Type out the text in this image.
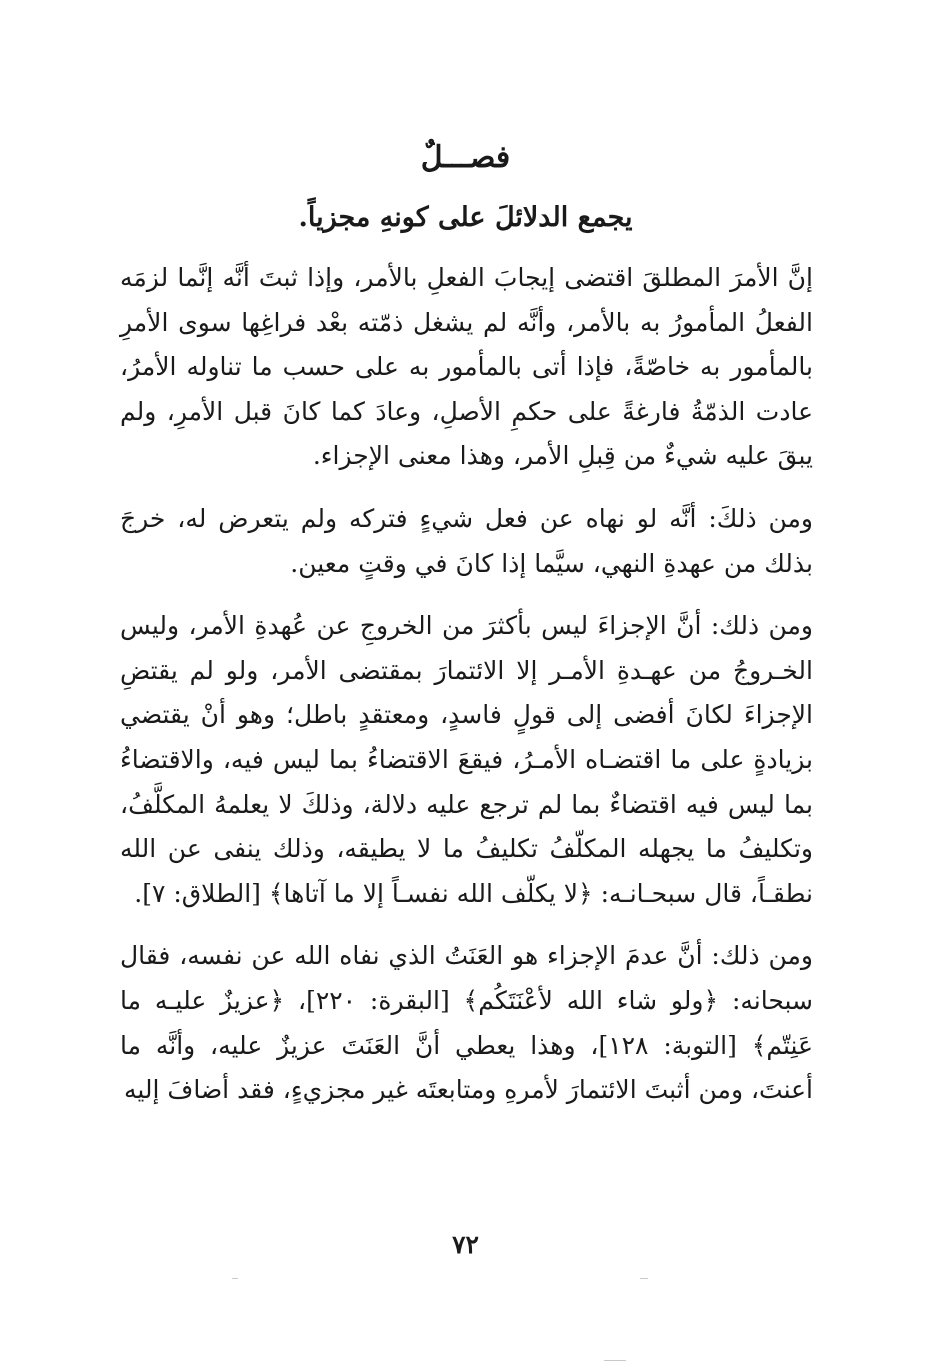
فصـــلٌ
يجمع الدلائلَ على كونهِ مجزياً.

إنَّ الأمرَ المطلقَ اقتضى إيجابَ الفعلِ بالأمر، وإذا ثبتَ أنَّه إنَّما لزمَه الفعلُ المأمورُ به بالأمر، وأنَّه لم يشغل ذمّته بعْد فراغِها سوى الأمرِ بالمأمور به خاصّةً، فإذا أتى بالمأمور به على حسب ما تناوله الأمرُ، عادت الذمّةُ فارغةً على حكمِ الأصلِ، وعادَ كما كانَ قبل الأمرِ، ولم يبقَ عليه شيءٌ من قِبلِ الأمر، وهذا معنى الإجزاء.

ومن ذلكَ: أنَّه لو نهاه عن فعل شيءٍ فتركه ولم يتعرض له، خرجَ بذلك من عهدةِ النهي، سيَّما إذا كانَ في وقتٍ معين.

ومن ذلك: أنَّ الإجزاءَ ليس بأكثرَ من الخروجِ عن عُهدةِ الأمر، وليس الخـروجُ من عهـدةِ الأمـر إلا الائتمارَ بمقتضى الأمر، ولو لم يقتضِ الإجزاءَ لكانَ أفضى إلى قولٍ فاسدٍ، ومعتقدٍ باطل؛ وهو أنْ يقتضي بزيادةٍ على ما اقتضـاه الأمـرُ، فيقعَ الاقتضاءُ بما ليس فيه، والاقتضاءُ بما ليس فيه اقتضاءٌ بما لم ترجع عليه دلالة، وذلكَ لا يعلمهُ المكلَّفُ، وتكليفُ ما يجهله المكلّفُ تكليفُ ما لا يطيقه، وذلك ينفى عن الله نطقـاً، قال سبحـانـه: ﴿لا يكلّف الله نفسـاً إلا ما آتاها﴾ [الطلاق: ٧].

ومن ذلك: أنَّ عدمَ الإجزاء هو العَنَتُ الذي نفاه الله عن نفسه، فقال سبحانه: ﴿ولو شاء الله لأعْنَتَكُم﴾ [البقرة: ٢٢٠]، ﴿عزيزٌ عليـه ما عَنِتّم﴾ [التوبة: ١٢٨]، وهذا يعطي أنَّ العَنَتَ عزيزٌ عليه، وأنَّه ما أعنتَ، ومن أثبتَ الائتمارَ لأمرهِ ومتابعتَه غير مجزيءٍ، فقد أضافَ إليه

٧٢
